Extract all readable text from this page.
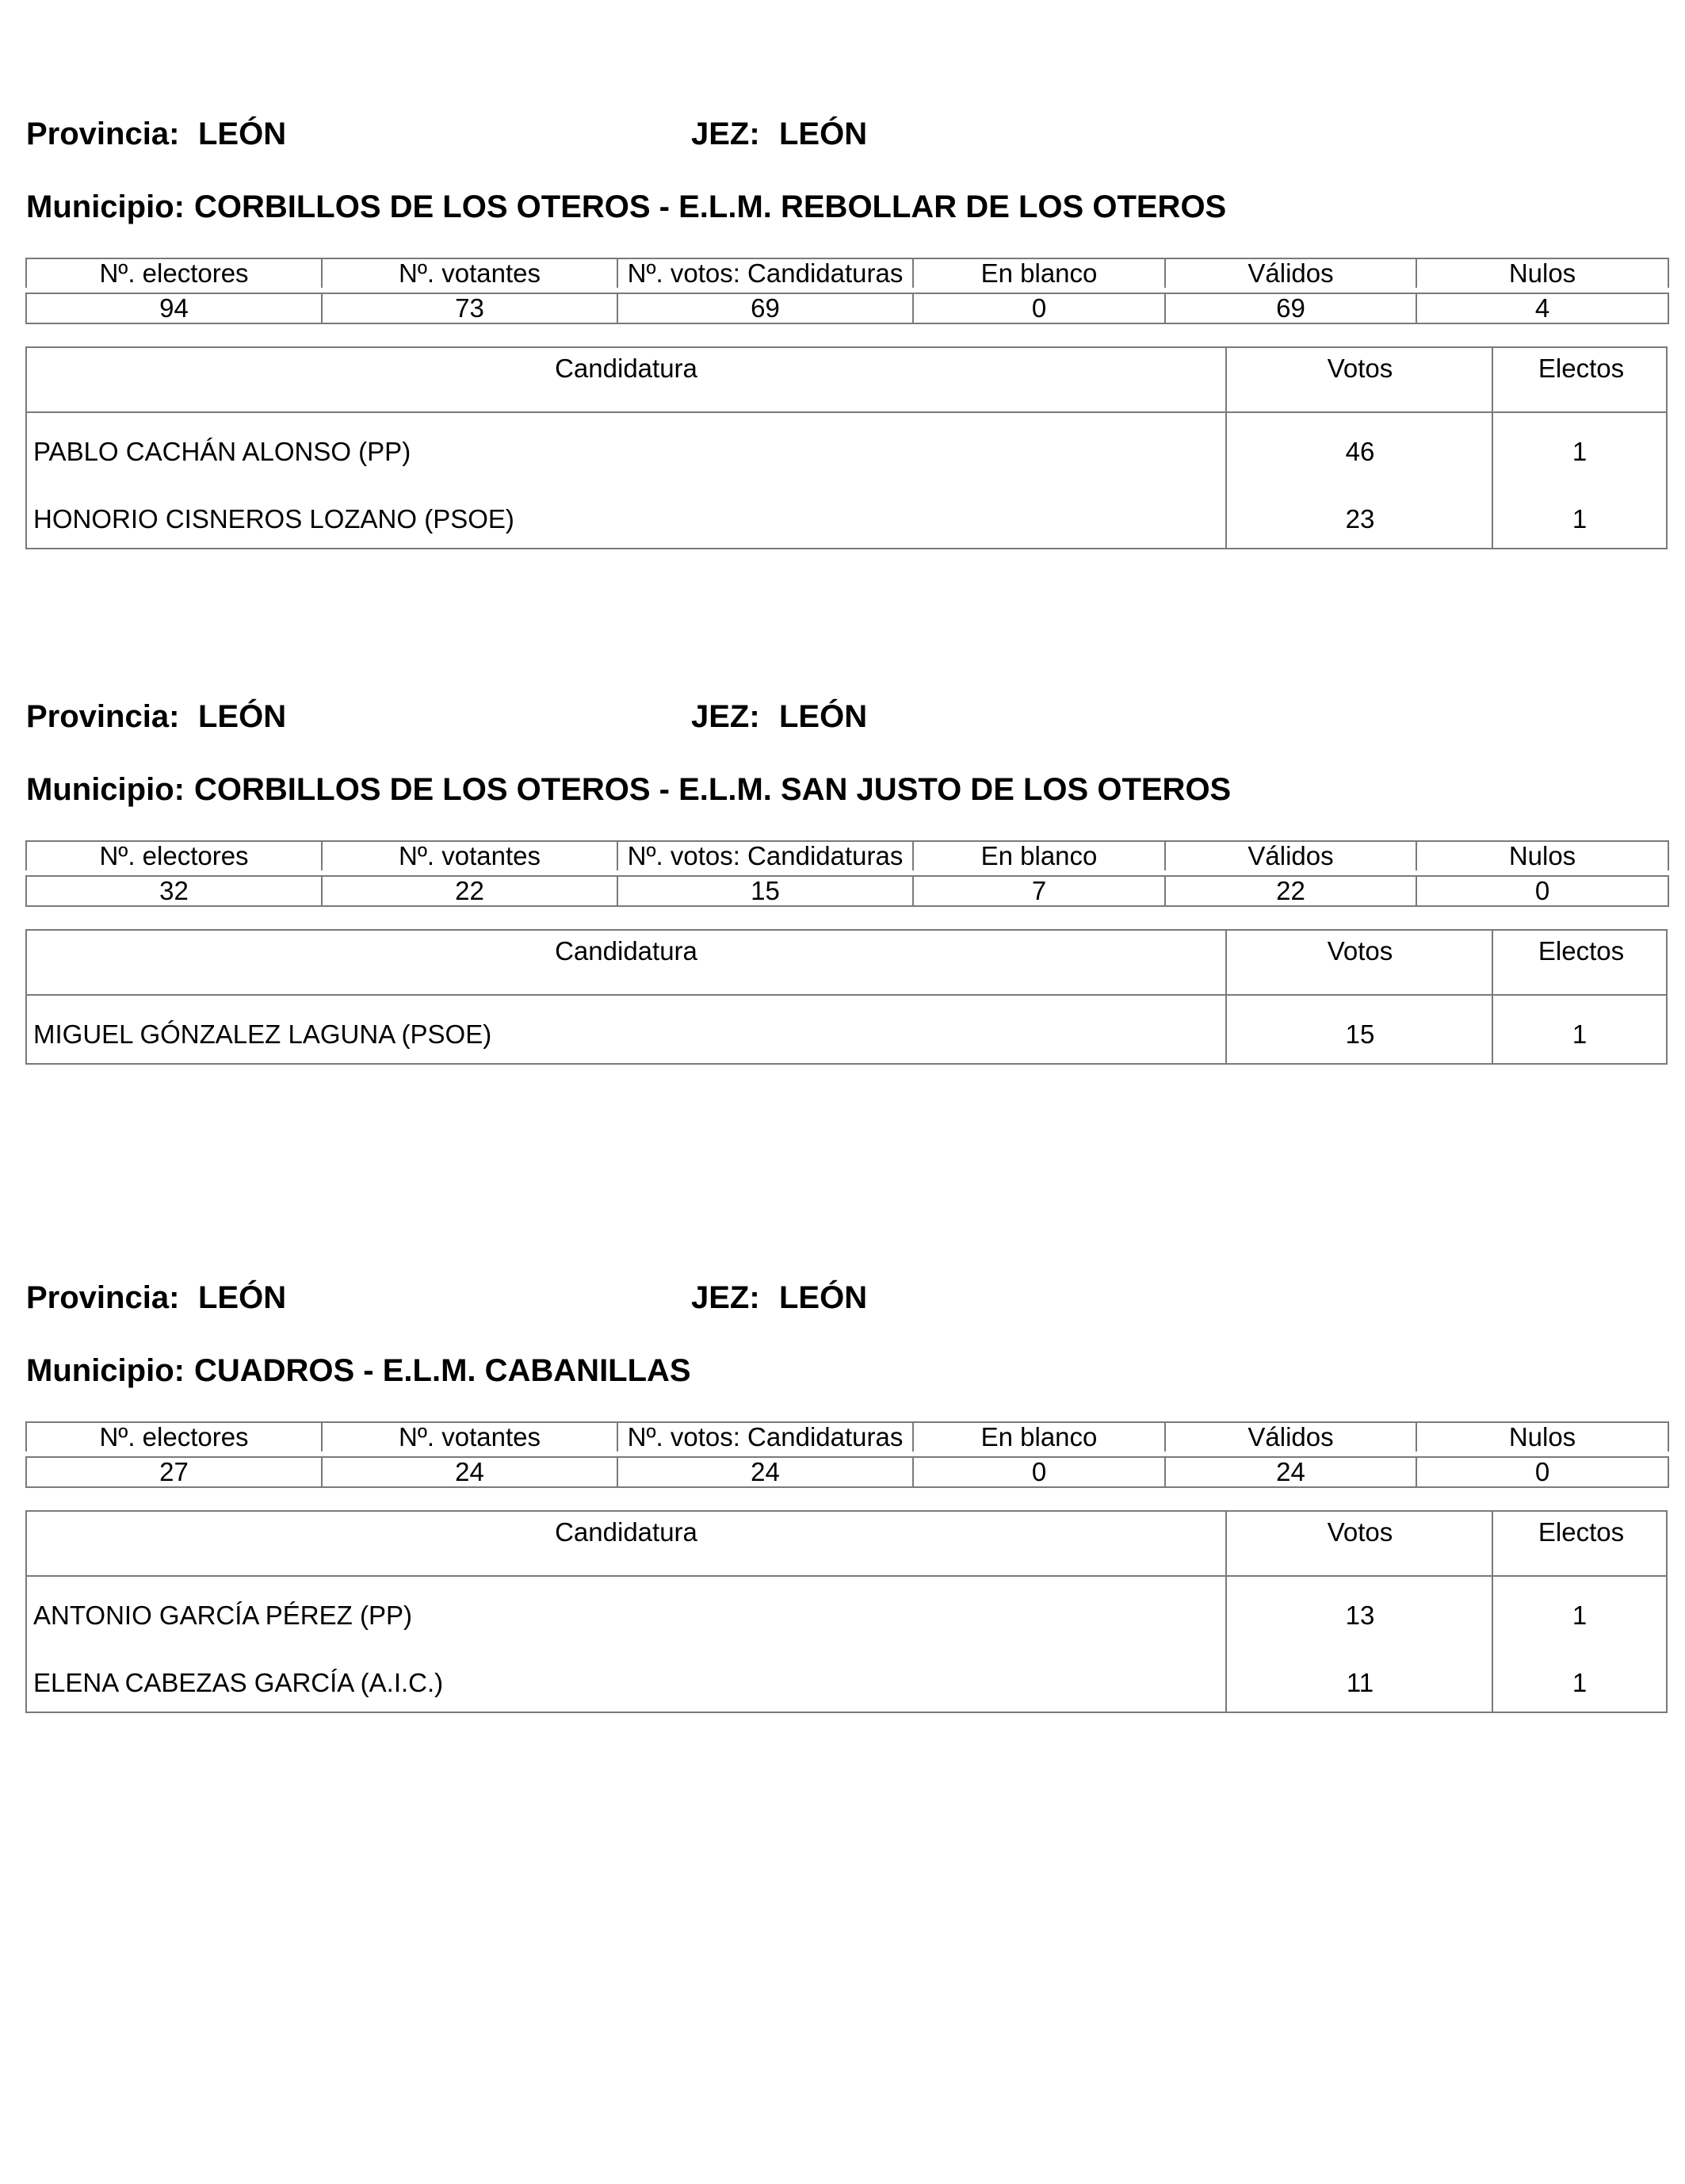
Provincia: LEÓN	JEZ: LEÓN
Municipio: CORBILLOS DE LOS OTEROS - E.L.M. REBOLLAR DE LOS OTEROS
Nº. electores	Nº. votantes	Nº. votos: Candidaturas	En blanco	Válidos	Nulos

94	73	69	0	69	4
Candidatura	Votos	Electos
PABLO CACHÁN ALONSO (PP)	46	1
HONORIO CISNEROS LOZANO (PSOE)	23	1
Provincia: LEÓN	JEZ: LEÓN
Municipio: CORBILLOS DE LOS OTEROS - E.L.M. SAN JUSTO DE LOS OTEROS
Nº. electores	Nº. votantes	Nº. votos: Candidaturas	En blanco	Válidos	Nulos

32	22	15	7	22	0
Candidatura	Votos	Electos
MIGUEL GÓNZALEZ LAGUNA (PSOE)	15	1
Provincia: LEÓN	JEZ: LEÓN
Municipio: CUADROS - E.L.M. CABANILLAS
Nº. electores	Nº. votantes	Nº. votos: Candidaturas	En blanco	Válidos	Nulos

27	24	24	0	24	0
Candidatura	Votos	Electos
ANTONIO GARCÍA PÉREZ (PP)	13	1
ELENA CABEZAS GARCÍA (A.I.C.)	11	1
